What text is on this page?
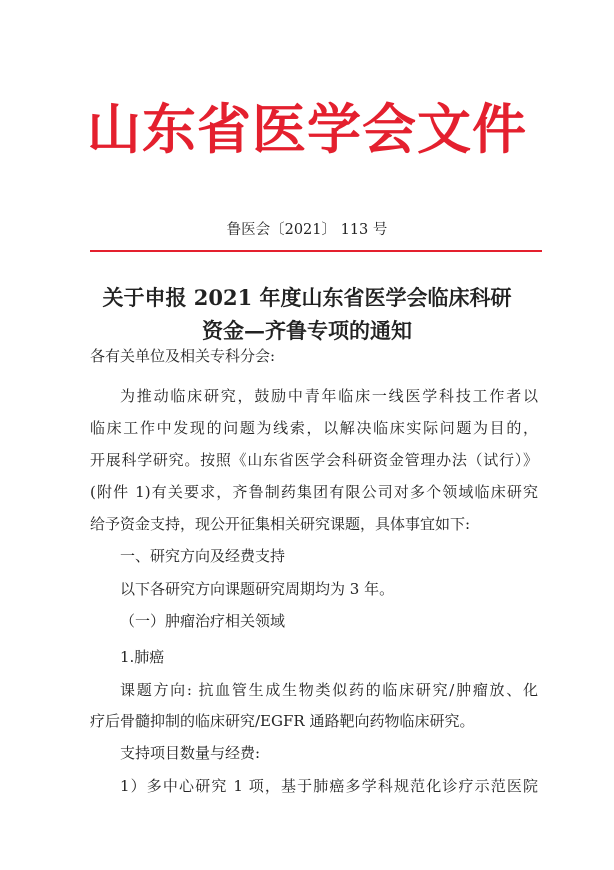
山东省医学会文件
鲁医会〔2021〕 113 号
关于申报 2021 年度山东省医学会临床科研
资金—齐鲁专项的通知
各有关单位及相关专科分会:
为推动临床研究，鼓励中青年临床一线医学科技工作者以
临床工作中发现的问题为线索，以解决临床实际问题为目的，
开展科学研究。按照《山东省医学会科研资金管理办法（试行）》
(附件 1)有关要求，齐鲁制药集团有限公司对多个领域临床研究
给予资金支持，现公开征集相关研究课题，具体事宜如下:
一、研究方向及经费支持
以下各研究方向课题研究周期均为 3 年。
（一）肿瘤治疗相关领域
1.肺癌
课题方向: 抗血管生成生物类似药的临床研究/肿瘤放、化
疗后骨髓抑制的临床研究/EGFR 通路靶向药物临床研究。
支持项目数量与经费:
1）多中心研究 1 项，基于肺癌多学科规范化诊疗示范医院
